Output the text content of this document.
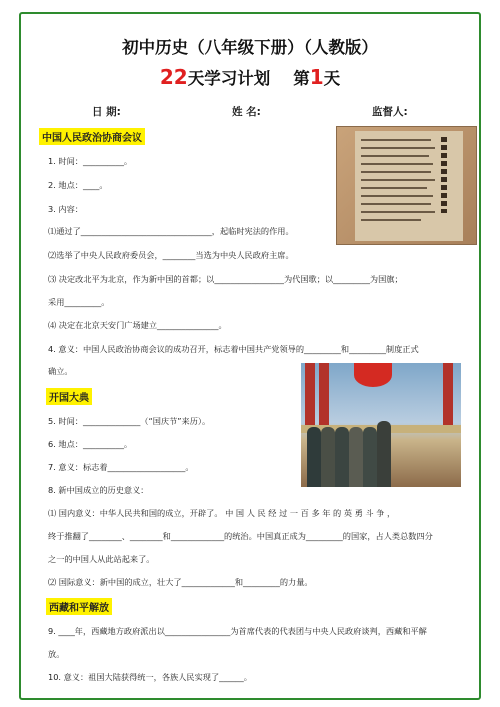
初中历史（八年级下册）（人教版）
22天学习计划 第1天
日 期:	姓 名:	监督人:
中国人民政治协商会议
1. 时间：__________。
2. 地点：____。
3. 内容：
⑴通过了________________________________，起临时宪法的作用。
⑵选举了中央人民政府委员会，________当选为中央人民政府主席。
⑶ 决定改北平为北京，作为新中国的首都；以_________________为代国歌；以_________为国旗；
采用_________。
⑷ 决定在北京天安门广场建立_______________。
4. 意义：中国人民政治协商会议的成功召开，标志着中国共产党领导的_________和_________制度正式
确立。
开国大典
5. 时间：______________（“国庆节”来历）。
6. 地点：__________。
7. 意义：标志着___________________。
8. 新中国成立的历史意义：
⑴ 国内意义：中华人民共和国的成立，开辟了。 中 国 人 民 经 过 一 百 多 年 的 英 勇 斗 争 ，
终于推翻了________、________和_____________的统治。中国真正成为_________的国家，占人类总数四分
之一的中国人从此站起来了。
⑵ 国际意义：新中国的成立，壮大了_____________和_________的力量。
西藏和平解放
9. ____年，西藏地方政府派出以________________为首席代表的代表团与中央人民政府谈判，西藏和平解
放。
10. 意义：祖国大陆获得统一，各族人民实现了______。
